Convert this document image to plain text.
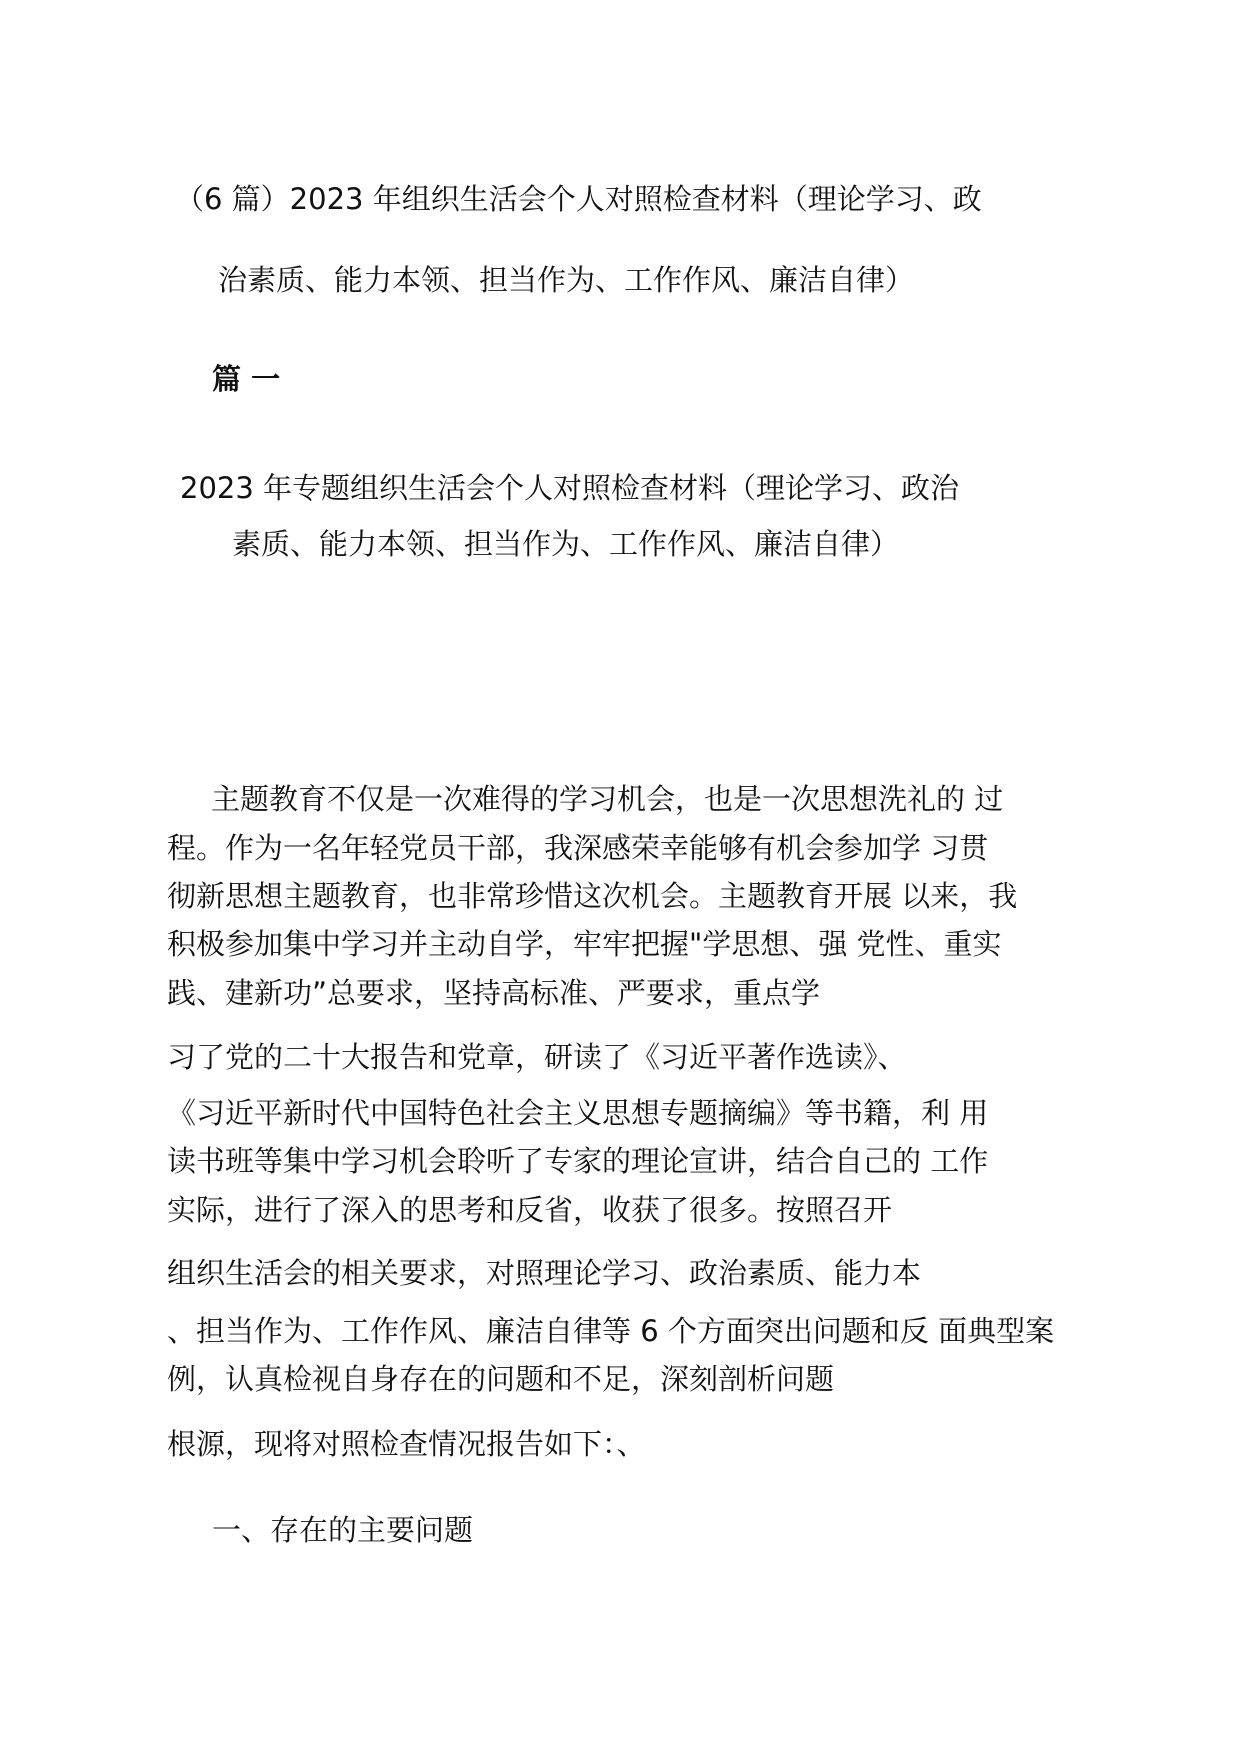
（6 篇）2023 年组织生活会个人对照检查材料（理论学习、政
治素质、能力本领、担当作为、工作作风、廉洁自律）
篇 一
2023 年专题组织生活会个人对照检查材料（理论学习、政治
素质、能力本领、担当作为、工作作风、廉洁自律）
主题教育不仅是一次难得的学习机会，也是一次思想洗礼的 过
程。作为一名年轻党员干部，我深感荣幸能够有机会参加学 习贯
彻新思想主题教育，也非常珍惜这次机会。主题教育开展 以来，我
积极参加集中学习并主动自学，牢牢把握"学思想、强 党性、重实
践、建新功”总要求，坚持高标准、严要求，重点学
习了党的二十大报告和党章，研读了《习近平著作选读》、
《习近平新时代中国特色社会主义思想专题摘编》等书籍，利 用
读书班等集中学习机会聆听了专家的理论宣讲，结合自己的 工作
实际，进行了深入的思考和反省，收获了很多。按照召开
组织生活会的相关要求，对照理论学习、政治素质、能力本
、担当作为、工作作风、廉洁自律等 6 个方面突出问题和反 面典型案
例，认真检视自身存在的问题和不足，深刻剖析问题
根源，现将对照检查情况报告如下：、
一、存在的主要问题
